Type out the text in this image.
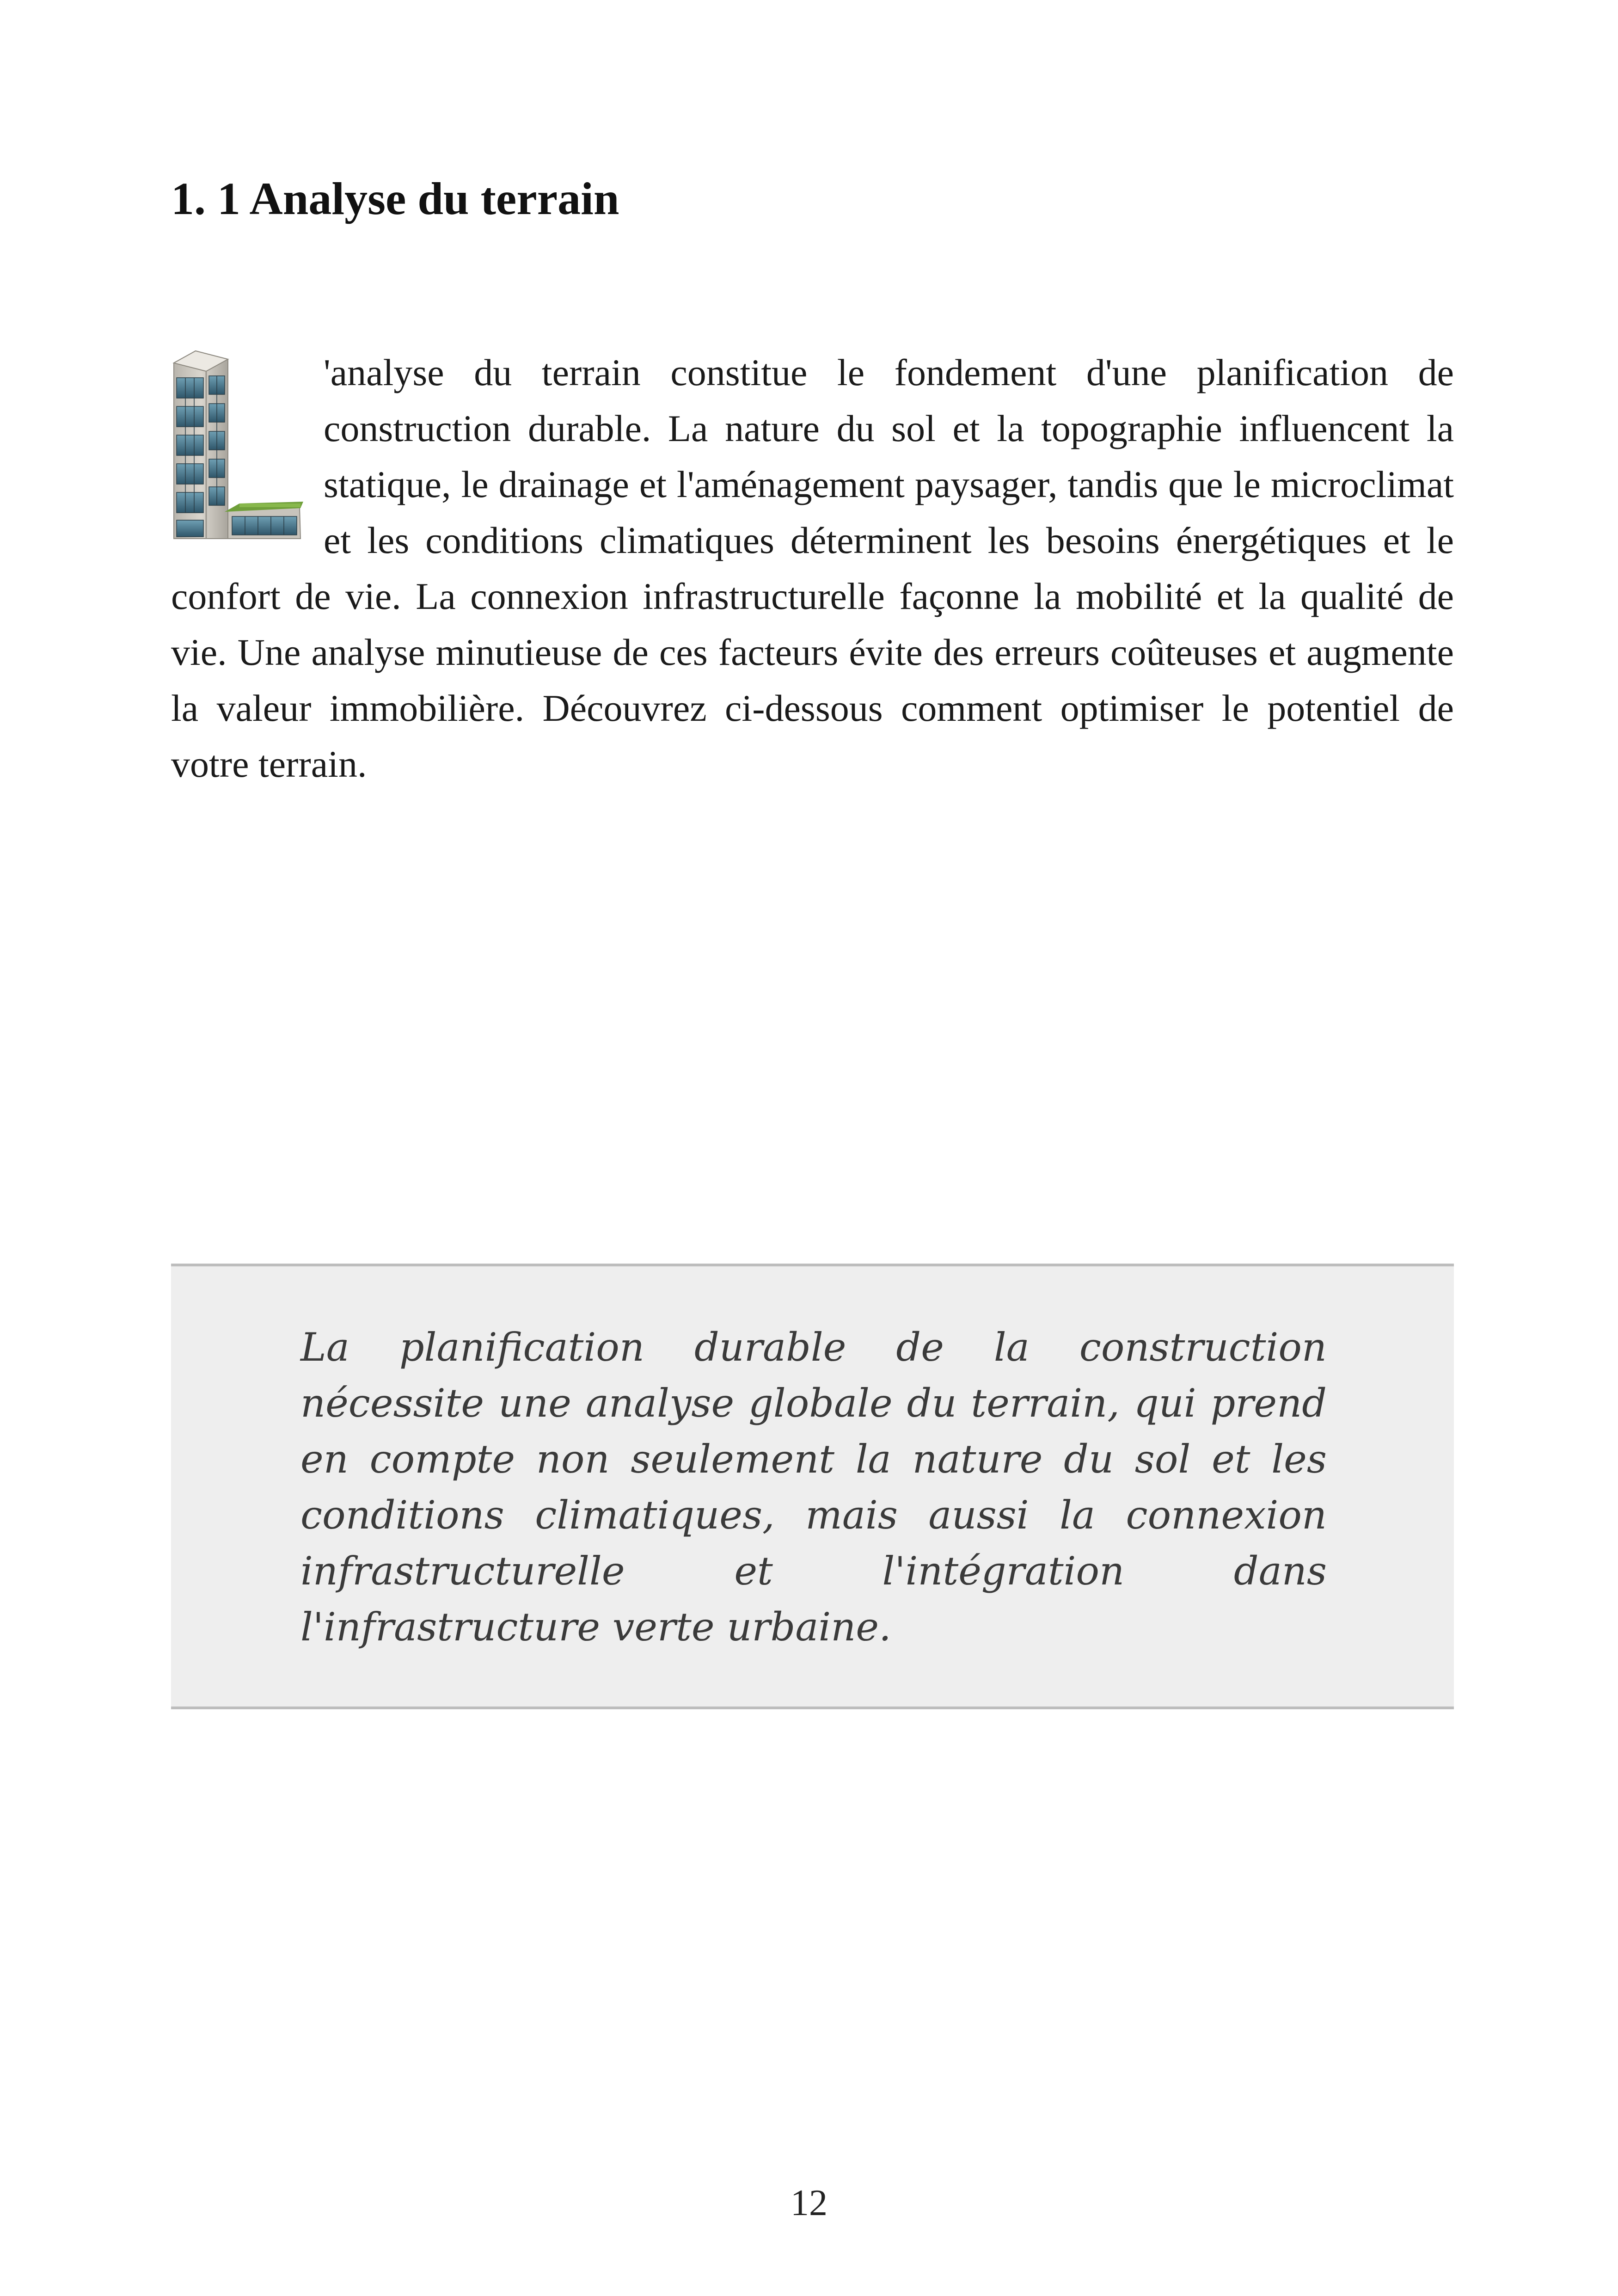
1. 1 Analyse du terrain

'analyse du terrain constitue le fondement d'une planification de construction durable. La nature du sol et la topographie influencent la statique, le drainage et l'aménagement paysager, tandis que le microclimat et les conditions climatiques déterminent les besoins énergétiques et le confort de vie. La connexion infrastructurelle façonne la mobilité et la qualité de vie. Une analyse minutieuse de ces facteurs évite des erreurs coûteuses et augmente la valeur immobilière. Découvrez ci-dessous comment optimiser le potentiel de votre terrain.

La planification durable de la construction nécessite une analyse globale du terrain, qui prend en compte non seulement la nature du sol et les conditions climatiques, mais aussi la connexion infrastructurelle et l'intégration dans l'infrastructure verte urbaine.

12
